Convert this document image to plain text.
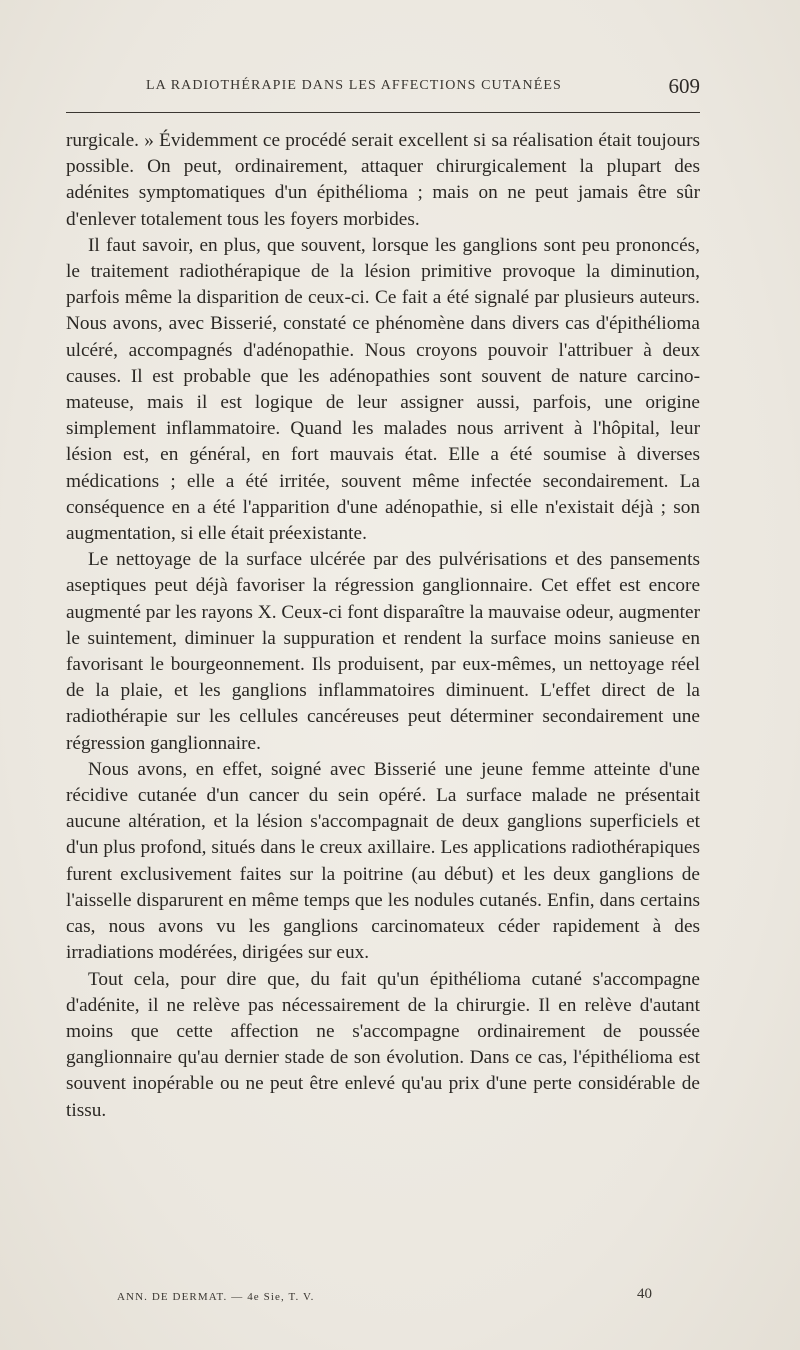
LA RADIOTHÉRAPIE DANS LES AFFECTIONS CUTANÉES	609

rurgicale. » Évidemment ce procédé serait excellent si sa réalisation était toujours possible. On peut, ordinairement, attaquer chirurgicalement la plupart des adénites symptomatiques d'un épithélioma ; mais on ne peut jamais être sûr d'enlever totalement tous les foyers morbides.

Il faut savoir, en plus, que souvent, lorsque les ganglions sont peu prononcés, le traitement radiothérapique de la lésion primitive provoque la diminution, parfois même la disparition de ceux-ci. Ce fait a été signalé par plusieurs auteurs. Nous avons, avec Bisserié, constaté ce phénomène dans divers cas d'épithélioma ulcéré, accompagnés d'adénopathie. Nous croyons pouvoir l'attribuer à deux causes. Il est probable que les adénopathies sont souvent de nature carcinomateuse, mais il est logique de leur assigner aussi, parfois, une origine simplement inflammatoire. Quand les malades nous arrivent à l'hôpital, leur lésion est, en général, en fort mauvais état. Elle a été soumise à diverses médications ; elle a été irritée, souvent même infectée secondairement. La conséquence en a été l'apparition d'une adénopathie, si elle n'existait déjà ; son augmentation, si elle était préexistante.

Le nettoyage de la surface ulcérée par des pulvérisations et des pansements aseptiques peut déjà favoriser la régression ganglionnaire. Cet effet est encore augmenté par les rayons X. Ceux-ci font disparaître la mauvaise odeur, augmenter le suintement, diminuer la suppuration et rendent la surface moins sanieuse en favorisant le bourgeonnement. Ils produisent, par eux-mêmes, un nettoyage réel de la plaie, et les ganglions inflammatoires diminuent. L'effet direct de la radiothérapie sur les cellules cancéreuses peut déterminer secondairement une régression ganglionnaire.

Nous avons, en effet, soigné avec Bisserié une jeune femme atteinte d'une récidive cutanée d'un cancer du sein opéré. La surface malade ne présentait aucune altération, et la lésion s'accompagnait de deux ganglions superficiels et d'un plus profond, situés dans le creux axillaire. Les applications radiothérapiques furent exclusivement faites sur la poitrine (au début) et les deux ganglions de l'aisselle disparurent en même temps que les nodules cutanés. Enfin, dans certains cas, nous avons vu les ganglions carcinomateux céder rapidement à des irradiations modérées, dirigées sur eux.

Tout cela, pour dire que, du fait qu'un épithélioma cutané s'accompagne d'adénite, il ne relève pas nécessairement de la chirurgie. Il en relève d'autant moins que cette affection ne s'accompagne ordinairement de poussée ganglionnaire qu'au dernier stade de son évolution. Dans ce cas, l'épithélioma est souvent inopérable ou ne peut être enlevé qu'au prix d'une perte considérable de tissu.

ANN. DE DERMAT. — 4e Sie, T. V.	40
